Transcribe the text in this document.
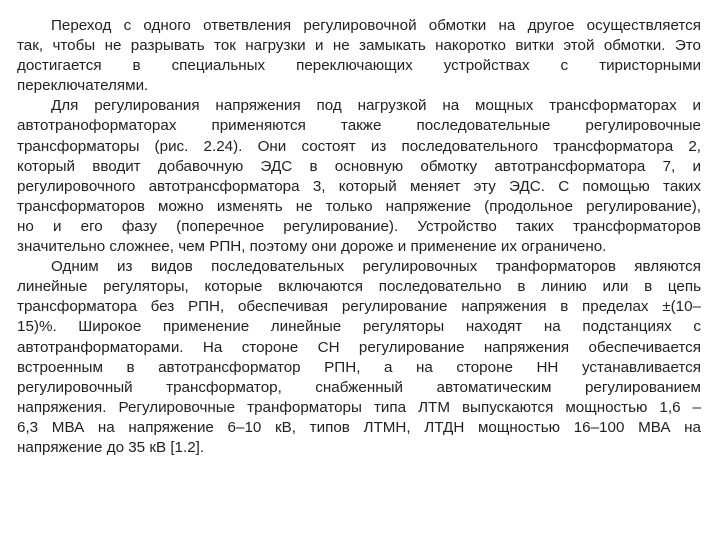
Переход с одного ответвления регулировочной обмотки на другое осуществляется
так, чтобы не разрывать ток нагрузки и не замыкать накоротко витки этой обмотки. Это
достигается в специальных переключающих устройствах с тиристорными
переключателями.
Для регулирования напряжения под нагрузкой на мощных трансформаторах и
автотраноформаторах применяются также последовательные регулировочные
трансформаторы (рис. 2.24). Они состоят из последовательного трансформатора 2,
который вводит добавочную ЭДС в основную обмотку автотрансформатора 7, и
регулировочного автотрансформатора 3, который меняет эту ЭДС. С помощью таких
трансформаторов можно изменять не только напряжение (продольное регулирование),
но и его фазу (поперечное регулирование). Устройство таких трансформаторов
значительно сложнее, чем РПН, поэтому они дороже и применение их ограничено.
Одним из видов последовательных регулировочных транформаторов являются
линейные регуляторы, которые включаются последовательно в линию или в цепь
трансформатора без РПН, обеспечивая регулирование напряжения в пределах ±(10–
15)%. Широкое применение линейные регуляторы находят на подстанциях с
автотранформаторами. На стороне СН регулирование напряжения обеспечивается
встроенным в автотрансформатор РПН, а на стороне НН устанавливается
регулировочный трансформатор, снабженный автоматическим регулированием
напряжения. Регулировочные транформаторы типа ЛТМ выпускаются мощностью 1,6 –
6,3 МВА на напряжение 6–10 кВ, типов ЛТМН, ЛТДН мощностью 16–100 МВА на
напряжение до 35 кВ [1.2].
